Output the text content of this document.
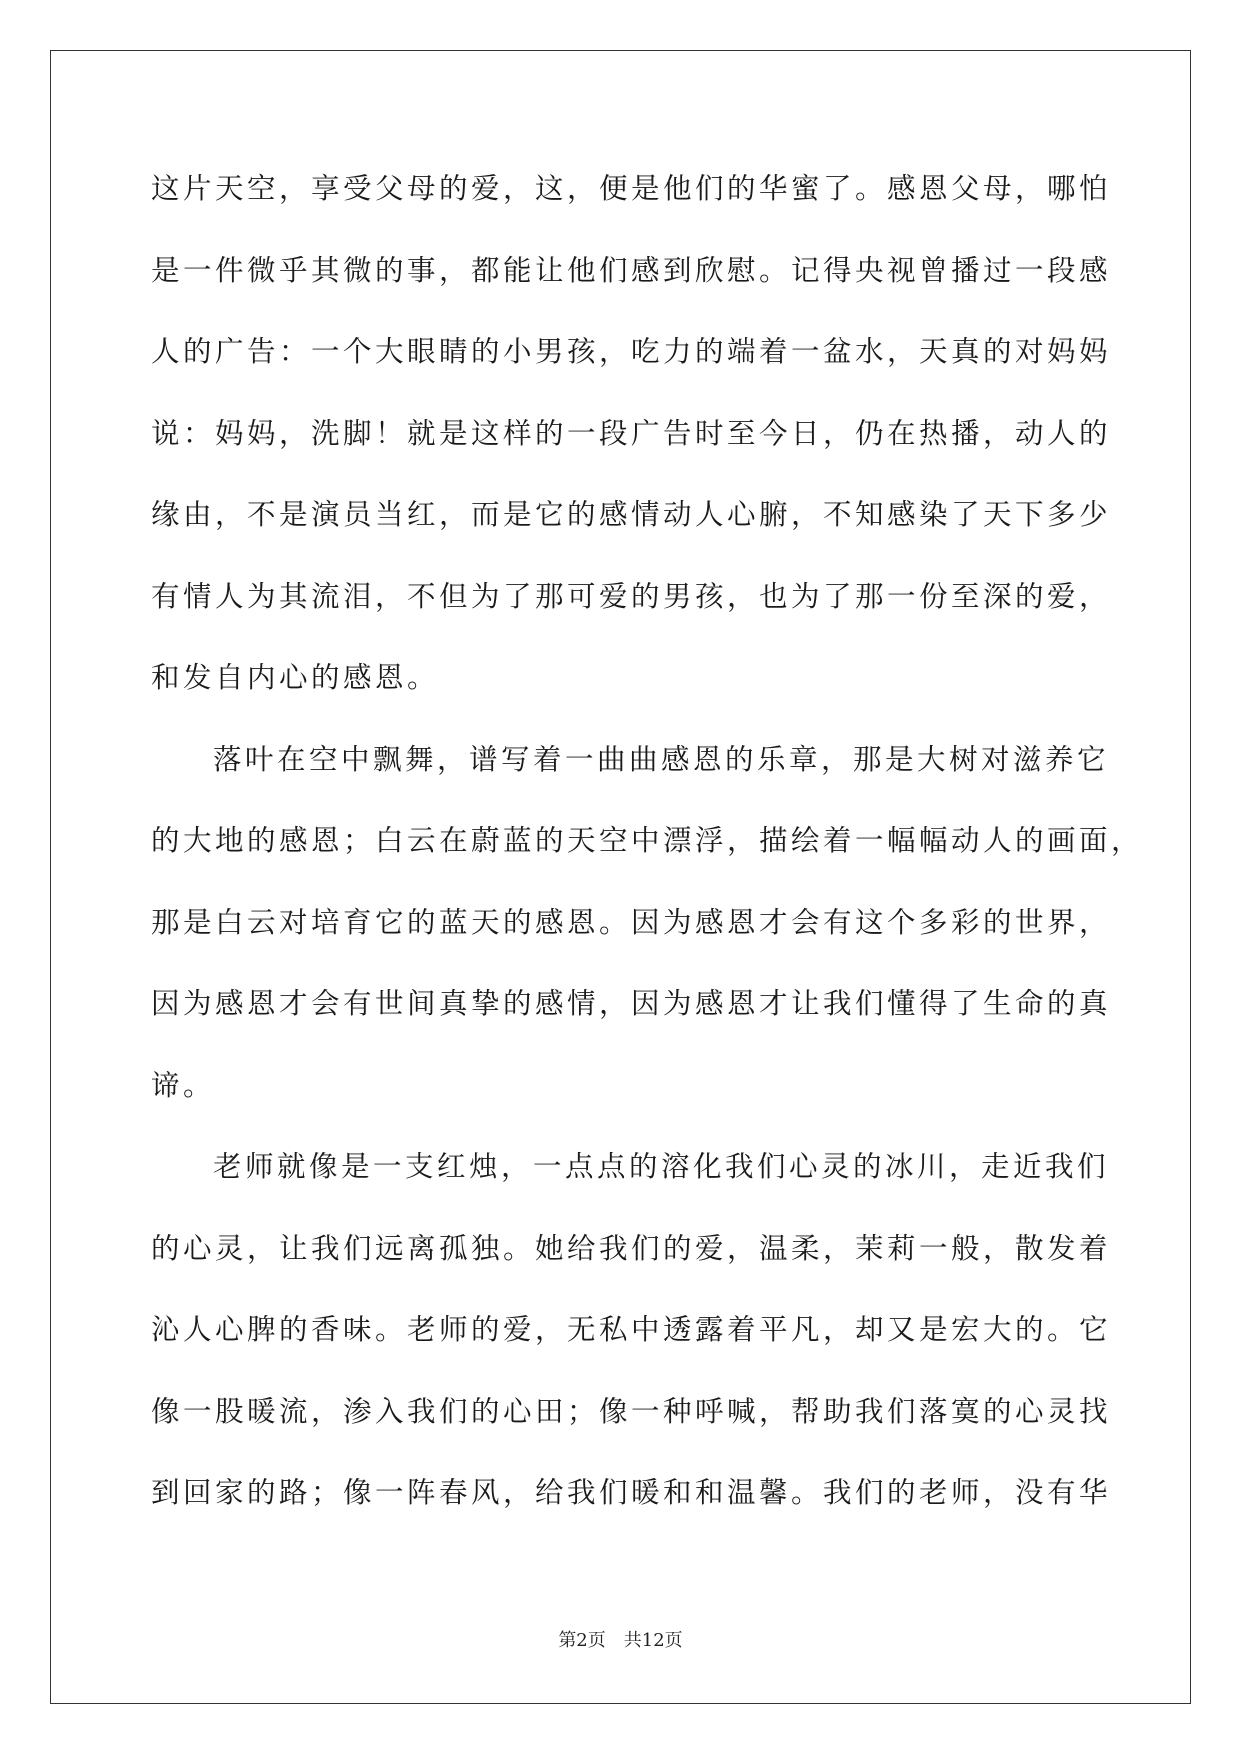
这片天空，享受父母的爱，这，便是他们的华蜜了。感恩父母，哪怕
是一件微乎其微的事，都能让他们感到欣慰。记得央视曾播过一段感
人的广告：一个大眼睛的小男孩，吃力的端着一盆水，天真的对妈妈
说：妈妈，洗脚！就是这样的一段广告时至今日，仍在热播，动人的
缘由，不是演员当红，而是它的感情动人心腑，不知感染了天下多少
有情人为其流泪，不但为了那可爱的男孩，也为了那一份至深的爱，
和发自内心的感恩。
落叶在空中飘舞，谱写着一曲曲感恩的乐章，那是大树对滋养它
的大地的感恩；白云在蔚蓝的天空中漂浮，描绘着一幅幅动人的画面，
那是白云对培育它的蓝天的感恩。因为感恩才会有这个多彩的世界，
因为感恩才会有世间真挚的感情，因为感恩才让我们懂得了生命的真
谛。
老师就像是一支红烛，一点点的溶化我们心灵的冰川，走近我们
的心灵，让我们远离孤独。她给我们的爱，温柔，茉莉一般，散发着
沁人心脾的香味。老师的爱，无私中透露着平凡，却又是宏大的。它
像一股暖流，渗入我们的心田；像一种呼喊，帮助我们落寞的心灵找
到回家的路；像一阵春风，给我们暖和和温馨。我们的老师，没有华
第2页　共12页
